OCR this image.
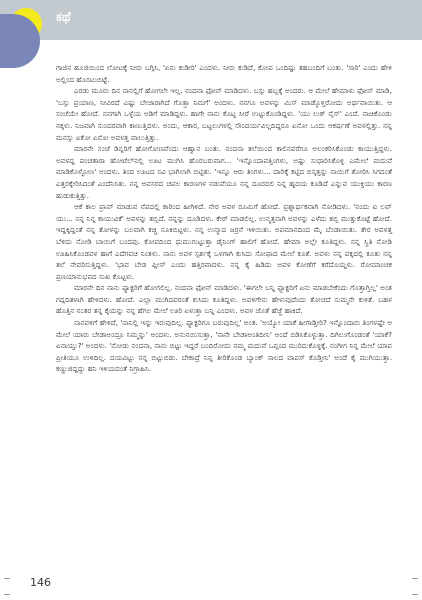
ಕಥೆ

ಗಾಜಿನ ಹೂಜಿಯಿಂದ ಲೋಟಕ್ಕೆ ನೀರು ಬಗ್ಗಿಸಿ, 'ಏನು ಕುಡೀರಿ' ಎಂದಳು. ನೀರು ಕುಡಿದೆ, ಕೋಪ ಒಂದಿಷ್ಟು ತಹಬಂದಿಗೆ ಬಂತು. 'ಸಾರಿ' ಎಂದು ಹೇಳಿ ಅಲ್ಲಿಂದ ಹೊರಟುಬಿಟ್ಟೆ.

ಎರಡು ಮೂರು ದಿನ ನಾನಲ್ಲಿಗೆ ಹೋಗಲೇ ಇಲ್ಲ. ನಂದನಾ ಫೋನ್ ಮಾಡಿದಳು. ಬಸ್ಸು ಹಬ್ಬಕ್ಕೆ ಅಂದರು. ಆ ಮೇಲೆ ಹೇಮಾಳು ಫೋನ್ ಮಾಡಿ, 'ಬಸ್ಸು ಪ್ರಯಾಣ, ನೀವಿರದೆ ಎಷ್ಟು ಬೇಜಾರಾಗಿದೆ ಗೊತ್ತಾ ನಿಮಗೆ' ಅಂದಳು. ನನಗೂ ಅವಳನ್ನು ಮಿಸ್ ಮಾಡ್ಕೊಳ್ತಿರೋದು ಅರ್ಥವಾಯಿತು. ಆ ಸಂಜೆಯೇ ಹೋದೆ. ನನಗಾಗಿ ಒಳ್ಳೆಯ ಅಡಿಗೆ ಮಾಡಿದ್ದಳು. ಹಾಗೇ ನಾನು ಕೊಟ್ಟ ಸೀರೆ ಉಟ್ಟುಕೊಂಡಿದ್ದಳು. 'ಯು ಲುಕ್ ನೈಸ್' ಎಂದೆ. ನಾಚಿಕೊಂಡು ನಕ್ಕಳು. ನಿಜವಾಗಿ ಸುಂದರವಾಗಿ ಕಾಣುತ್ತಿದಳು. ಅಂದು, ಆಕಾರ, ಬಟ್ಟಲುಗಳಲ್ಲಿ ಸೌಂದರ್ಯವಿಲ್ಲದಿದ್ದರೂ ಏನೋ ಒಂದು ಆಕರ್ಷಣೆ ಅವಳಲ್ಲಿತ್ತು. ನನ್ನ ಮನಸ್ಸು ಏಕೋ ಏನೋ ಅವಳತ್ತ ವಾಲುತ್ತಿತ್ತು.

ಮಾರನೇ ಸಂಜೆ ಡಿನ್ನರಿಗೆ ಹೋಗೋಣವೆಂದು ಆಹ್ವಾನ ಬಂತು. ನಂದನಾ ತಲೆಯಿಂದ ಕಾಲಿನವರೆಗೂ ಅಲಂಕರಿಸಿಕೊಂಡು ಕಾಯುತ್ತಿದ್ದಳು. ಅವಳದ್ದ ಪಂಚತಾರಾ ಹೋಟೆಲ್‌ನಲ್ಲಿ ಊಟ ಮುಗಿಸಿ ಹೊರಬರುವಾಗ... 'ಇನ್ನೊಂದಾವತ್ತಿಂಗಳು, ಅಷ್ಟು ಸುಧಾರಿಸಿಕೊಳ್ಳಿ ಎಮೇಲೆ ಮದುವೆ ಮಾಡಿಕೊಳ್ಳೋಣ' ಅಂದಳು. ತಿಂದ ಊಟದ ಸವಿ ಭಾಗಿಲಾಗಿ ಬಿಟ್ಟಿತು. 'ಇನ್ನೂ ಆರು ತಿಂಗಳು... ದಾರಿಕ್ಕೆ ಕಟ್ಟಿದ ಬಿಸ್ಕತ್ತನ್ನು ನಾಯಿಗೆ ತೋರಿಸಿ ಸಿಗದಂತೆ ಎತ್ತರಕ್ಕೇರಿಸಿದಂತೆ ಎಂದೆನಿಸಿತು. ನನ್ನ ಅವಸರದ ಚಪಲ ಕಾರಣಗಳ ನಡುವೆಯೂ ನನ್ನ ದೂರದಲಿ ನಿನ್ನ ಹೃದಯ ಕೂಡಿದೆ ಎನ್ನುವ ಯುಕ್ತಿಯು ಕಾರಣ ಹುಡುಕುತ್ತಿತ್ತು.

ಆಕೆ ಕಾಲ ಪ್ರಾಪ್ ಮಾಡುವ ನೆಪದಲ್ಲಿ ಕಾರಿಂದ ಹೀಗಿಳಿದೆ. ನೇರ ಅವಳ ರೂಮಿಗೆ ಹೋದೆ. ಪ್ರಶ್ನಾರ್ಥಕವಾಗಿ ನೋಡಿದಳು. 'ನಂದು ಐ ಲವ್ ಯು... ನನ್ನ ನಿನ್ನ ಕಾಯುವಿಕೆ' ಅವಳನ್ನು ತಬ್ಬಿದೆ. ನನ್ನನ್ನು ದೂಡಿದಳು. ಕೇರ್ ಮಾಡಲಿಲ್ಲ. ಉನ್ಮತ್ತನಾಗಿ ಅವಳನ್ನು ಎಳೆದು ತಬ್ಬಿ ಮುತ್ತುಕೊಟ್ಟೆ ಹೋದೆ. ಇದ್ದಕ್ಕಿದ್ದಂತೆ ನನ್ನ ತೋಳನ್ನು ಬಲವಾಗಿ ಕಚ್ಚಿ ನೂಕಿಬಿಟ್ಟಳು. ನನ್ನ ಉನ್ಮಾದ ಜರ್ರನೆ ಇಳಿಯಿತು. ಅಪಮಾನದಿಂದ ಮೈ ಬೆಂಡಾಯಿತು. ತೇರ ಅವಳತ್ತ ಬೆಳಿದು ನೋಡಿ ಬಾಯಿಗೆ ಬಂದವು. ಕೋಪದಿಂದ ಧುಮುಗುಟ್ಟುತ್ತಾ ಡೈನಿಂಗ್ ಹಾಲಿಗೆ ಹೋದೆ. ಹೇಮಾ ಅಲ್ಲೇ ಕೂತಿದ್ದಳು. ನನ್ನ ಸ್ಥಿತಿ ನೋಡಿ ಊಹಿಸಿಕೊಂಡವಳ ಹಾಗೆ ಎದೆಗವಚಿ ನಿಂತಳು. ನಾನು ಅವಳ ಸ್ಪರ್ಶಕ್ಕೆ ಒಳಗಾಗಿ ಕುಸಿದು ಸೋಫಾದ ಮೇಲೆ ಕೂತೆ. ಅವಳು ನನ್ನ ಪಕ್ಕದಲ್ಲಿ ಕೂತು ನನ್ನ ತಲೆ ನೇವರಿಸುತ್ತಿದ್ದಳು. 'ಭಾವ ಬೇಡ ಪ್ಲೀಸ್ ಎಂದು ಹತ್ತಿರವಾದಳು. ನನ್ನ ಕೈ ಹಿಡಿದು ಅವಳ ಕೋಣೆಗೆ ಕರೆದೊಯ್ದಳು. ರೋಮಾಂಚಕ ಪ್ರಣಯಾನುಭವದ ಸುಖ ಕೊಟ್ಟಳು.

ಮಾರನೇ ದಿನ ನಾನು ಫ್ಯಾಕ್ಟರಿಗೆ ಹೋಗಲಿಲ್ಲ. ನಂದನಾ ಫೋನ್ ಮಾಡಿದಳು. 'ಈಗಲೇ ಬನ್ನಿ ಫ್ಯಾಕ್ಟರಿಗೆ ಏನು ಮಾಡಬೇಕೆಂದು ಗೊತ್ತಾಗ್ತಿಲ್ಲ' ಅಂತ ಗದ್ಗದಿತಳಾಗಿ ಹೇಳಿದಳು. ಹೋದೆ. ಎಲ್ಲಾ ಮುಗಿದವರಂತೆ ಕುಸಿದು ಕೂತಿದ್ದಳು. ಅವಳಿಗೇನು ಹೇಳುವುದೆಂದು ತೋಚದೆ ಸುಮ್ಮನೇ ಕುಳಿತೆ. ಬಹಳ ಹೊತ್ತಿನ ನಂತರ ತನ್ನ ಕೈಯನ್ನು ನನ್ನ ಹೆಗಲ ಮೇಲೆ ಊರಿ ಏಳುತ್ತಾ ಬನ್ನಿ ಎಂದಳು. ಅವಳ ಜೊತೆ ಹೆಜ್ಜೆ ಹಾಕಿದೆ.

ನಾನವಳಿಗೆ ಹೇಳಿದೆ, 'ನಾನಿಲ್ಲಿ ಇನ್ನು ಇರುವುದಿಲ್ಲ. ಫ್ಯಾಕ್ಟರಿಗೂ ಬರುವುದಿಲ್ಲ' ಅಂತ. 'ಅಯ್ಯೋ ಯಾಕೆ ಹೀಗಾಡ್ತೀರಿ? ಇನ್ನೊಂದಾರು ತಿಂಗಳಷ್ಟೇ ಆ ಮೇಲೆ ಯಾರು ಬೇಡಾಅಂದ್ರೂ ನಿಮ್ಮನ್ನು' ಅಂದಳು. ಅನುನಯಿಸುತ್ತಾ, 'ನಾನೇ ಬೇಡಾಅಂತಿದೀನಿ' ಅಂದೆ ಬಿಡಿಸಿಕೊಳ್ಳುತ್ತಾ. ದಿಗಿಲುಗೊಂಡಂತೆ 'ಯಾಕೆ? ಏನಾಯ್ತು?' ಅಂದಳು. 'ನೋಡು ನಂದನಾ, ನಾನು ಬಿಟ್ಟು ಇದ್ದರೆ ಬಂದಿರೋದು ನಮ್ಮ ಮದುವೆ ಒಪ್ಪಂದ ಮುರಿದುಕೊಳ್ಳಕ್ಕೆ. ನಂಗೀಗ ನಿನ್ನ ಮೇಲೆ ಯಾವ ಪ್ರೀತಿಯೂ ಉಳಿದಿಲ್ಲ. ದಯವಿಟ್ಟು ನನ್ನ ಬಿಟ್ಟುಬಿಡು. ಬೇಕಾದ್ರೆ ನಿನ್ನ ತೀರಿಕೊಂಡ ಬ್ಯಾಂಕ್ ಸಾಲದ ವಾಪಸ್ ಕೊಡ್ತೀನಿ' ಅಂದೆ ಕೈ ಮುಗಿಯುತ್ತಾ. ಕಣ್ಣುಜಿದ್ದದ್ದು ಹನಿ ಇಳಿಯದಂತೆ ನಿಗ್ರಾಹಿಸಿ.

146
